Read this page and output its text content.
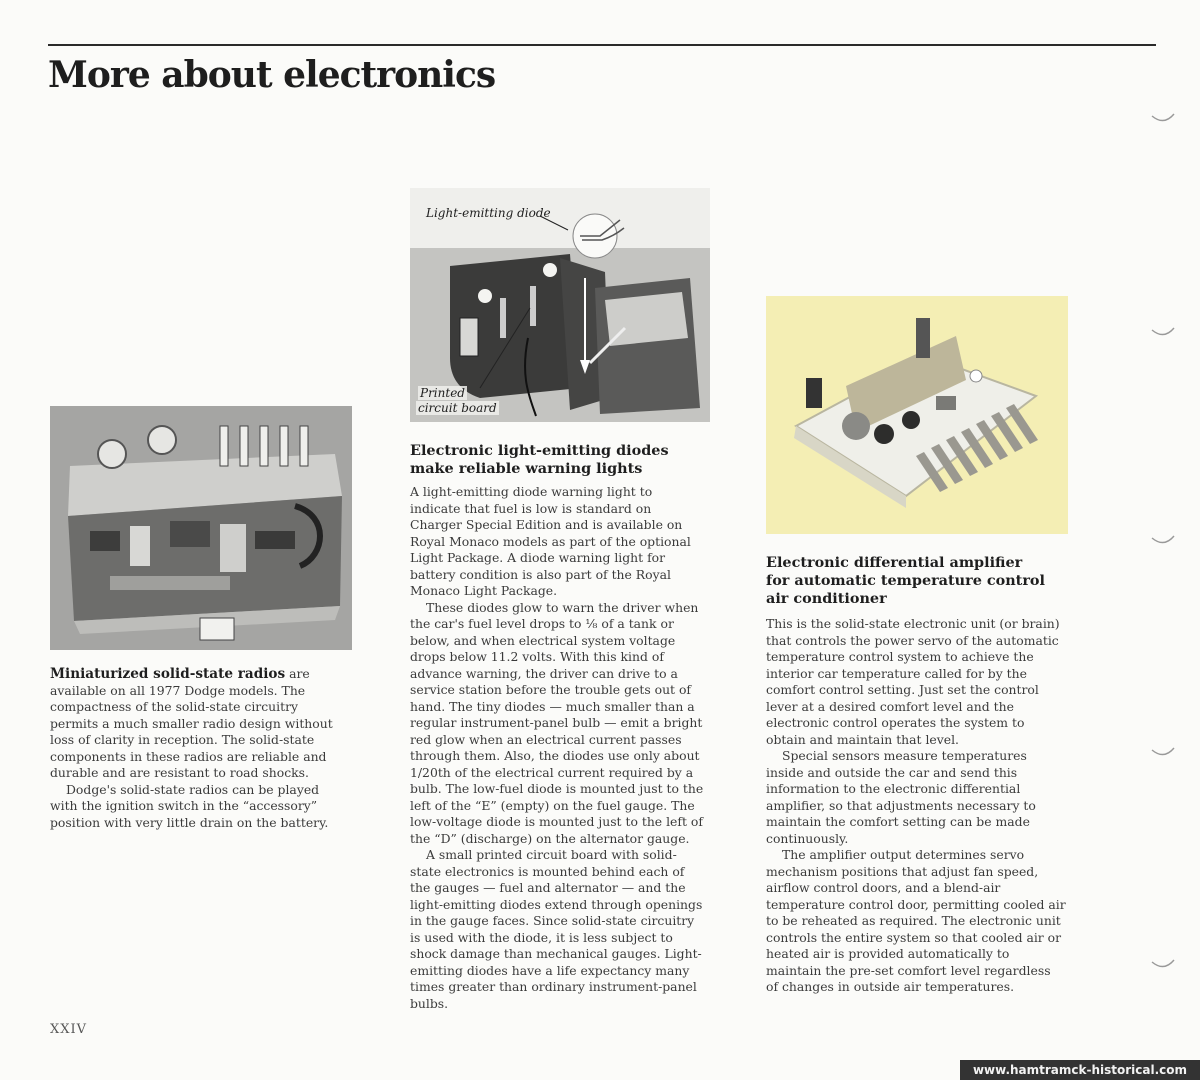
More about electronics
Light-emitting diode
Printed
circuit board

Miniaturized solid-state radios are available on all 1977 Dodge models. The compactness of the solid-state circuitry permits a much smaller radio design without loss of clarity in reception. The solid-state components in these radios are reliable and durable and are resistant to road shocks.

Dodge's solid-state radios can be played with the ignition switch in the “accessory” position with very little drain on the battery.

Electronic light-emitting diodes
make reliable warning lights

A light-emitting diode warning light to indicate that fuel is low is standard on Charger Special Edition and is available on Royal Monaco models as part of the optional Light Package. A diode warning light for battery condition is also part of the Royal Monaco Light Package.

These diodes glow to warn the driver when the car's fuel level drops to ⅛ of a tank or below, and when electrical system voltage drops below 11.2 volts. With this kind of advance warning, the driver can drive to a service station before the trouble gets out of hand. The tiny diodes — much smaller than a regular instrument-panel bulb — emit a bright red glow when an electrical current passes through them. Also, the diodes use only about 1/20th of the electrical current required by a bulb. The low-fuel diode is mounted just to the left of the “E” (empty) on the fuel gauge. The low-voltage diode is mounted just to the left of the “D” (discharge) on the alternator gauge.

A small printed circuit board with solid-state electronics is mounted behind each of the gauges — fuel and alternator — and the light-emitting diodes extend through openings in the gauge faces. Since solid-state circuitry is used with the diode, it is less subject to shock damage than mechanical gauges. Light-emitting diodes have a life expectancy many times greater than ordinary instrument-panel bulbs.

Electronic differential amplifier
for automatic temperature control
air conditioner

This is the solid-state electronic unit (or brain) that controls the power servo of the automatic temperature control system to achieve the interior car temperature called for by the comfort control setting. Just set the control lever at a desired comfort level and the electronic control operates the system to obtain and maintain that level.

Special sensors measure temperatures inside and outside the car and send this information to the electronic differential amplifier, so that adjustments necessary to maintain the comfort setting can be made continuously.

The amplifier output determines servo mechanism positions that adjust fan speed, airflow control doors, and a blend-air temperature control door, permitting cooled air to be reheated as required. The electronic unit controls the entire system so that cooled air or heated air is provided automatically to maintain the pre-set comfort level regardless of changes in outside air temperatures.

XXIV
www.hamtramck-historical.com
